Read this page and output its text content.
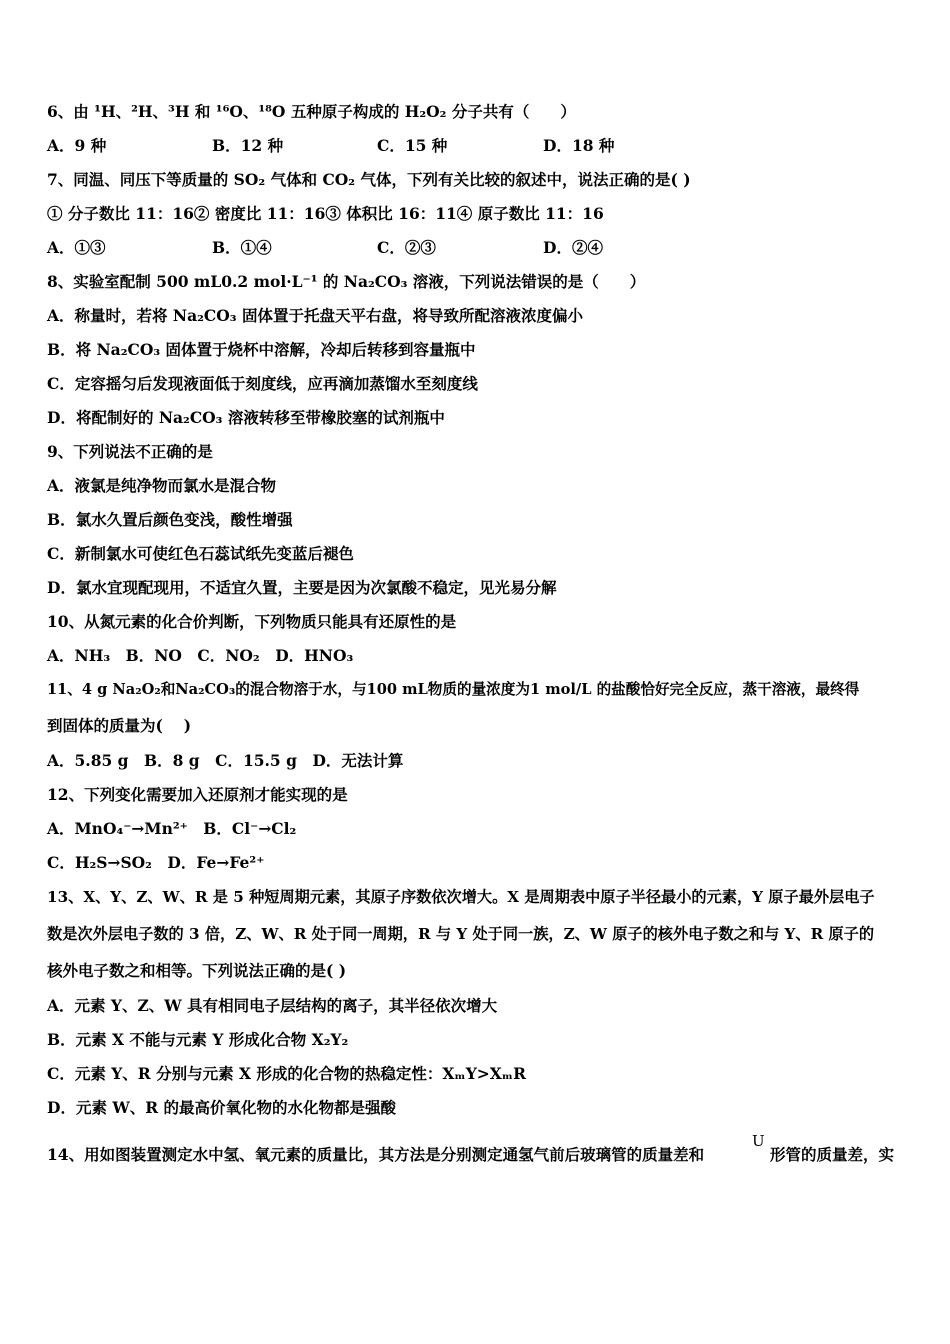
6、由 ¹H、²H、³H 和 ¹⁶O、¹⁸O 五种原子构成的 H₂O₂ 分子共有（　　）
A．9 种	B．12 种	C．15 种	D．18 种
7、同温、同压下等质量的 SO₂ 气体和 CO₂ 气体，下列有关比较的叙述中，说法正确的是( )
① 分子数比 11：16② 密度比 11：16③ 体积比 16：11④ 原子数比 11：16
A．①③	B．①④	C．②③	D．②④
8、实验室配制 500 mL0.2 mol·L⁻¹ 的 Na₂CO₃ 溶液，下列说法错误的是（　　）
A．称量时，若将 Na₂CO₃ 固体置于托盘天平右盘，将导致所配溶液浓度偏小
B．将 Na₂CO₃ 固体置于烧杯中溶解，冷却后转移到容量瓶中
C．定容摇匀后发现液面低于刻度线，应再滴加蒸馏水至刻度线
D．将配制好的 Na₂CO₃ 溶液转移至带橡胶塞的试剂瓶中
9、下列说法不正确的是
A．液氯是纯净物而氯水是混合物
B．氯水久置后颜色变浅，酸性增强
C．新制氯水可使红色石蕊试纸先变蓝后褪色
D．氯水宜现配现用，不适宜久置，主要是因为次氯酸不稳定，见光易分解
10、从氮元素的化合价判断，下列物质只能具有还原性的是
A．NH₃　B．NO　C．NO₂　D．HNO₃
11、4 g Na₂O₂和Na₂CO₃的混合物溶于水，与100 mL物质的量浓度为1 mol/L 的盐酸恰好完全反应，蒸干溶液，最终得
到固体的质量为(　 )
A．5.85 g　B．8 g　C．15.5 g　D．无法计算
12、下列变化需要加入还原剂才能实现的是
A．MnO₄⁻→Mn²⁺　B．Cl⁻→Cl₂
C．H₂S→SO₂　D．Fe→Fe²⁺
13、X、Y、Z、W、R 是 5 种短周期元素，其原子序数依次增大。X 是周期表中原子半径最小的元素，Y 原子最外层电子
数是次外层电子数的 3 倍，Z、W、R 处于同一周期，R 与 Y 处于同一族，Z、W 原子的核外电子数之和与 Y、R 原子的
核外电子数之和相等。下列说法正确的是( )
A．元素 Y、Z、W 具有相同电子层结构的离子，其半径依次增大
B．元素 X 不能与元素 Y 形成化合物 X₂Y₂
C．元素 Y、R 分别与元素 X 形成的化合物的热稳定性：XₘY>XₘR
D．元素 W、R 的最高价氧化物的水化物都是强酸
14、用如图装置测定水中氢、氧元素的质量比，其方法是分别测定通氢气前后玻璃管的质量差和
U
形管的质量差，实
